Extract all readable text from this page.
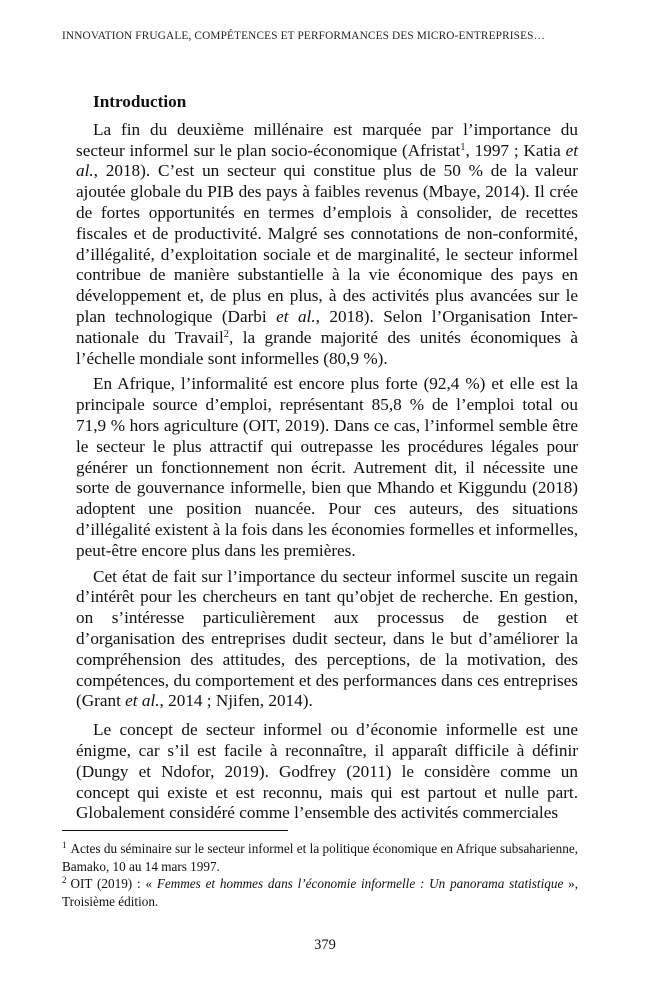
INNOVATION FRUGALE, COMPÉTENCES ET PERFORMANCES DES MICRO-ENTREPRISES…
Introduction

La fin du deuxième millénaire est marquée par l’importance du secteur informel sur le plan socio-économique (Afristat$^1$, 1997 ; Katia et al., 2018). C’est un secteur qui constitue plus de 50 % de la valeur ajoutée globale du PIB des pays à faibles revenus (Mbaye, 2014). Il crée de fortes opportunités en termes d’emplois à consolider, de recettes fiscales et de productivité. Malgré ses connotations de non-conformité, d’illégalité, d’exploitation sociale et de marginalité, le secteur informel contribue de manière substantielle à la vie économique des pays en développement et, de plus en plus, à des activités plus avancées sur le plan technologique (Darbi et al., 2018). Selon l’Organisation Inter-nationale du Travail$^2$, la grande majorité des unités économiques à l’échelle mondiale sont informelles (80,9 %).

En Afrique, l’informalité est encore plus forte (92,4 %) et elle est la principale source d’emploi, représentant 85,8 % de l’emploi total ou 71,9 % hors agriculture (OIT, 2019). Dans ce cas, l’informel semble être le secteur le plus attractif qui outrepasse les procédures légales pour générer un fonctionnement non écrit. Autrement dit, il nécessite une sorte de gouvernance informelle, bien que Mhando et Kiggundu (2018) adoptent une position nuancée. Pour ces auteurs, des situations d’illégalité existent à la fois dans les économies formelles et informelles, peut-être encore plus dans les premières.

Cet état de fait sur l’importance du secteur informel suscite un regain d’intérêt pour les chercheurs en tant qu’objet de recherche. En gestion, on s’intéresse particulièrement aux processus de gestion et d’organisation des entreprises dudit secteur, dans le but d’améliorer la compréhension des attitudes, des perceptions, de la motivation, des compétences, du comportement et des performances dans ces entreprises (Grant et al., 2014 ; Njifen, 2014).

Le concept de secteur informel ou d’économie informelle est une énigme, car s’il est facile à reconnaître, il apparaît difficile à définir (Dungy et Ndofor, 2019). Godfrey (2011) le considère comme un concept qui existe et est reconnu, mais qui est partout et nulle part. Globalement considéré comme l’ensemble des activités commerciales

$^1$ Actes du séminaire sur le secteur informel et la politique économique en Afrique subsaharienne, Bamako, 10 au 14 mars 1997.

$^2$ OIT (2019) : « Femmes et hommes dans l’économie informelle : Un panorama statistique », Troisième édition.

379
